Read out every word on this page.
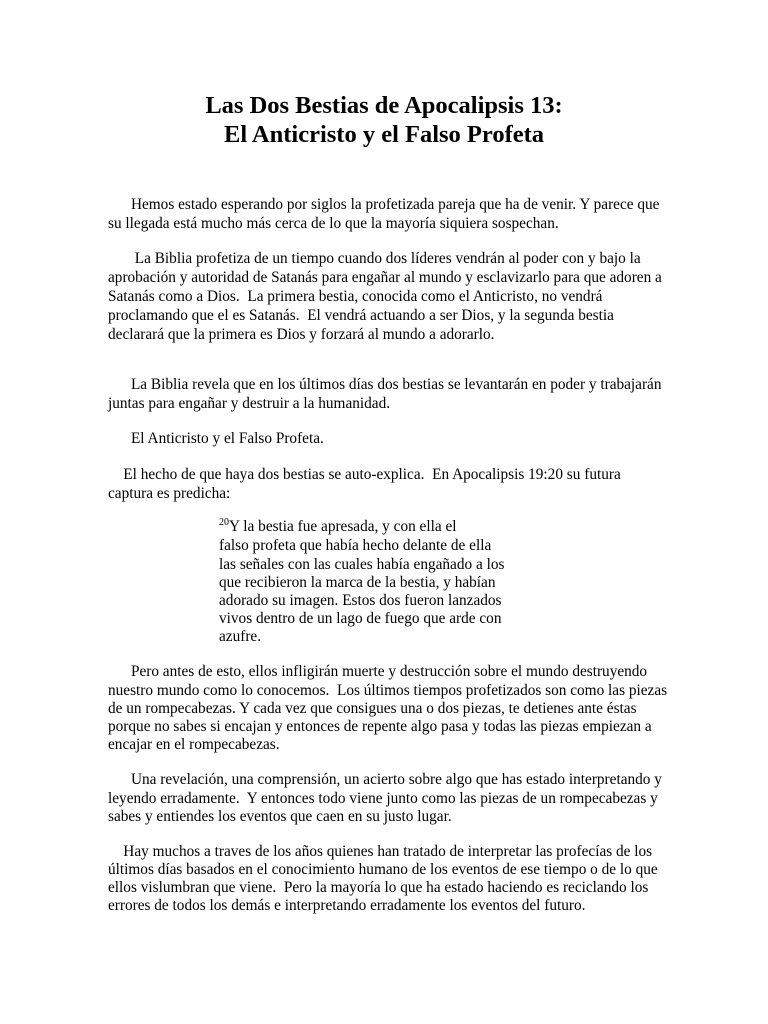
Las Dos Bestias de Apocalipsis 13:
El Anticristo y el Falso Profeta
Hemos estado esperando por siglos la profetizada pareja que ha de venir. Y parece que
su llegada está mucho más cerca de lo que la mayoría siquiera sospechan.
La Biblia profetiza de un tiempo cuando dos líderes vendrán al poder con y bajo la
aprobación y autoridad de Satanás para engañar al mundo y esclavizarlo para que adoren a
Satanás como a Dios.  La primera bestia, conocida como el Anticristo, no vendrá
proclamando que el es Satanás.  El vendrá actuando a ser Dios, y la segunda bestia
declarará que la primera es Dios y forzará al mundo a adorarlo.
La Biblia revela que en los últimos días dos bestias se levantarán en poder y trabajarán
juntas para engañar y destruir a la humanidad.
El Anticristo y el Falso Profeta.
El hecho de que haya dos bestias se auto-explica.  En Apocalipsis 19:20 su futura
captura es predicha:
$^{20}$Y la bestia fue apresada, y con ella el
falso profeta que había hecho delante de ella
las señales con las cuales había engañado a los
que recibieron la marca de la bestia, y habían
adorado su imagen. Estos dos fueron lanzados
vivos dentro de un lago de fuego que arde con
azufre.
Pero antes de esto, ellos infligirán muerte y destrucción sobre el mundo destruyendo
nuestro mundo como lo conocemos.  Los últimos tiempos profetizados son como las piezas
de un rompecabezas. Y cada vez que consigues una o dos piezas, te detienes ante éstas
porque no sabes si encajan y entonces de repente algo pasa y todas las piezas empiezan a
encajar en el rompecabezas.
Una revelación, una comprensión, un acierto sobre algo que has estado interpretando y
leyendo erradamente.  Y entonces todo viene junto como las piezas de un rompecabezas y
sabes y entiendes los eventos que caen en su justo lugar.
Hay muchos a traves de los años quienes han tratado de interpretar las profecías de los
últimos días basados en el conocimiento humano de los eventos de ese tiempo o de lo que
ellos vislumbran que viene.  Pero la mayoría lo que ha estado haciendo es reciclando los
errores de todos los demás e interpretando erradamente los eventos del futuro.
